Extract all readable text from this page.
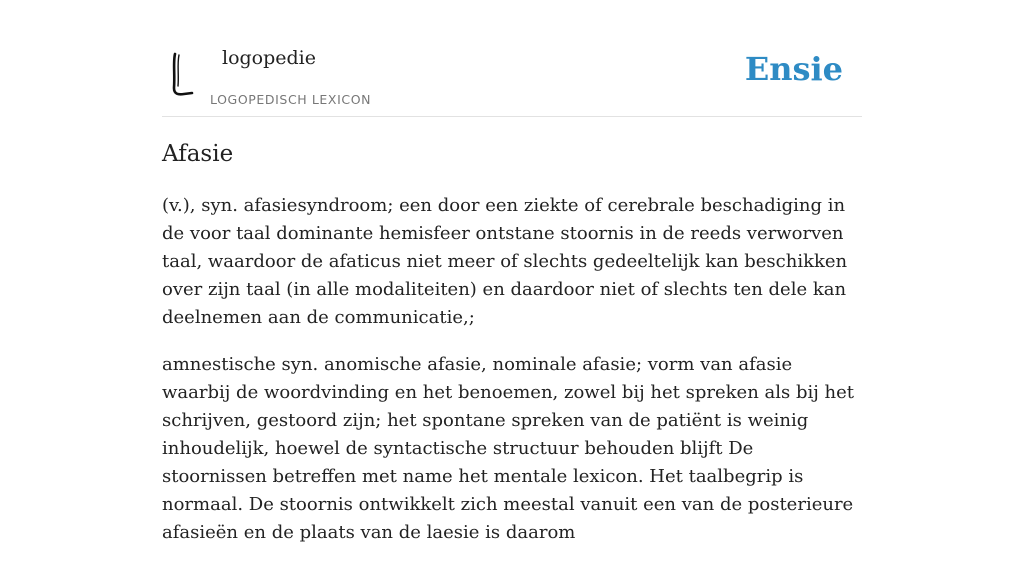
logopedie
LOGOPEDISCH LEXICON
Ensie
Afasie

(v.), syn. afasiesyndroom; een door een ziekte of cerebrale beschadiging in de voor taal dominante hemisfeer ontstane stoornis in de reeds verworven taal, waardoor de afaticus niet meer of slechts gedeeltelijk kan beschikken over zijn taal (in alle modaliteiten) en daardoor niet of slechts ten dele kan deelnemen aan de communicatie,;

amnestische syn. anomische afasie, nominale afasie; vorm van afasie waarbij de woordvinding en het benoemen, zowel bij het spreken als bij het schrijven, gestoord zijn; het spontane spreken van de patiënt is weinig inhoudelijk, hoewel de syntactische structuur behouden blijft De stoornissen betreffen met name het mentale lexicon. Het taalbegrip is normaal. De stoornis ontwikkelt zich meestal vanuit een van de posterieure afasieën en de plaats van de laesie is daarom
